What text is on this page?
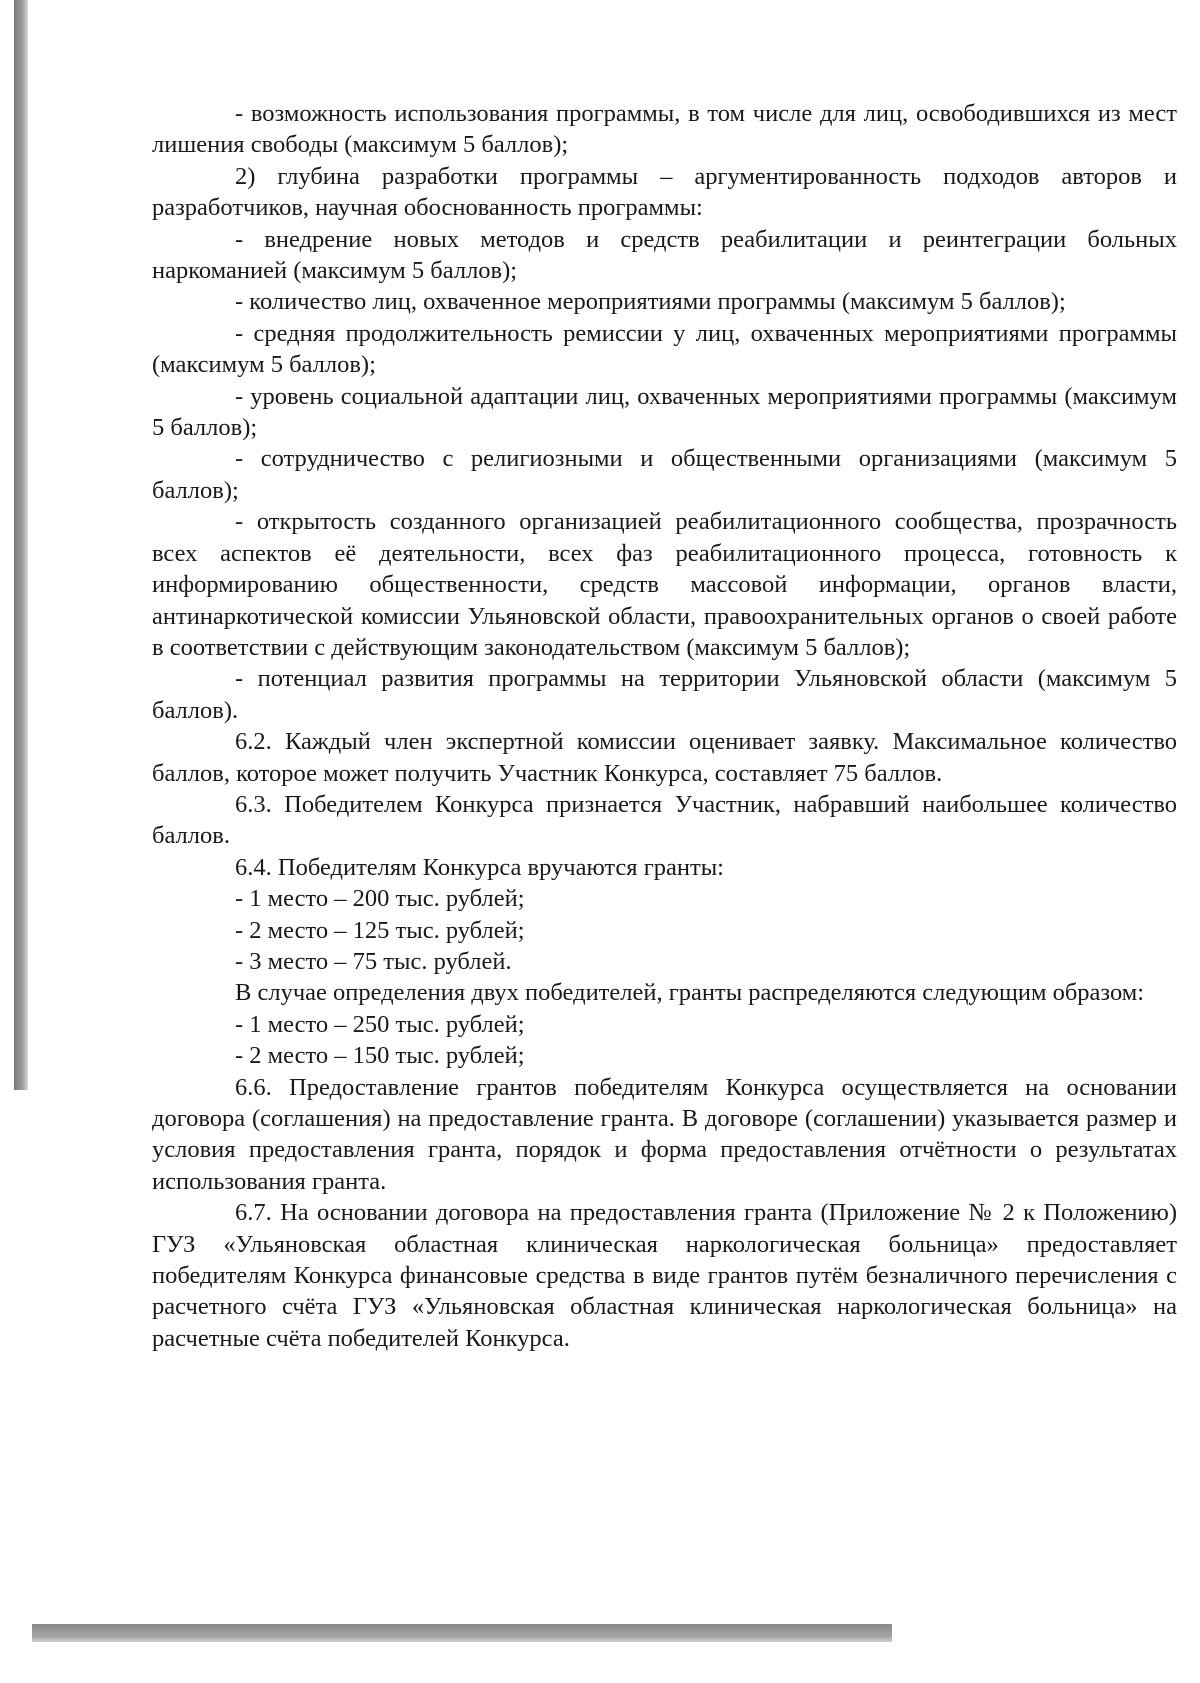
- возможность использования программы, в том числе для лиц, освободившихся из мест лишения свободы (максимум 5 баллов);

2) глубина разработки программы – аргументированность подходов авторов и разработчиков, научная обоснованность программы:

- внедрение новых методов и средств реабилитации и реинтеграции больных наркоманией (максимум 5 баллов);

- количество лиц, охваченное мероприятиями программы (максимум 5 баллов);

- средняя продолжительность ремиссии у лиц, охваченных мероприятиями программы (максимум 5 баллов);

- уровень социальной адаптации лиц, охваченных мероприятиями программы (максимум 5 баллов);

- сотрудничество с религиозными и общественными организациями (максимум 5 баллов);

- открытость созданного организацией реабилитационного сообщества, прозрачность всех аспектов её деятельности, всех фаз реабилитационного процесса, готовность к информированию общественности, средств массовой информации, органов власти, антинаркотической комиссии Ульяновской области, правоохранительных органов о своей работе в соответствии с действующим законодательством (максимум 5 баллов);

- потенциал развития программы на территории Ульяновской области (максимум 5 баллов).

6.2. Каждый член экспертной комиссии оценивает заявку. Максимальное количество баллов, которое может получить Участник Конкурса, составляет 75 баллов.

6.3. Победителем Конкурса признается Участник, набравший наибольшее количество баллов.

6.4. Победителям Конкурса вручаются гранты:

- 1 место – 200 тыс. рублей;

- 2 место – 125 тыс. рублей;

- 3 место – 75 тыс. рублей.

В случае определения двух победителей, гранты распределяются следующим образом:

- 1 место – 250 тыс. рублей;

- 2 место – 150 тыс. рублей;

6.6. Предоставление грантов победителям Конкурса осуществляется на основании договора (соглашения) на предоставление гранта. В договоре (соглашении) указывается размер и условия предоставления гранта, порядок и форма предоставления отчётности о результатах использования гранта.

6.7. На основании договора на предоставления гранта (Приложение № 2 к Положению) ГУЗ «Ульяновская областная клиническая наркологическая больница» предоставляет победителям Конкурса финансовые средства в виде грантов путём безналичного перечисления с расчетного счёта ГУЗ «Ульяновская областная клиническая наркологическая больница» на расчетные счёта победителей Конкурса.
